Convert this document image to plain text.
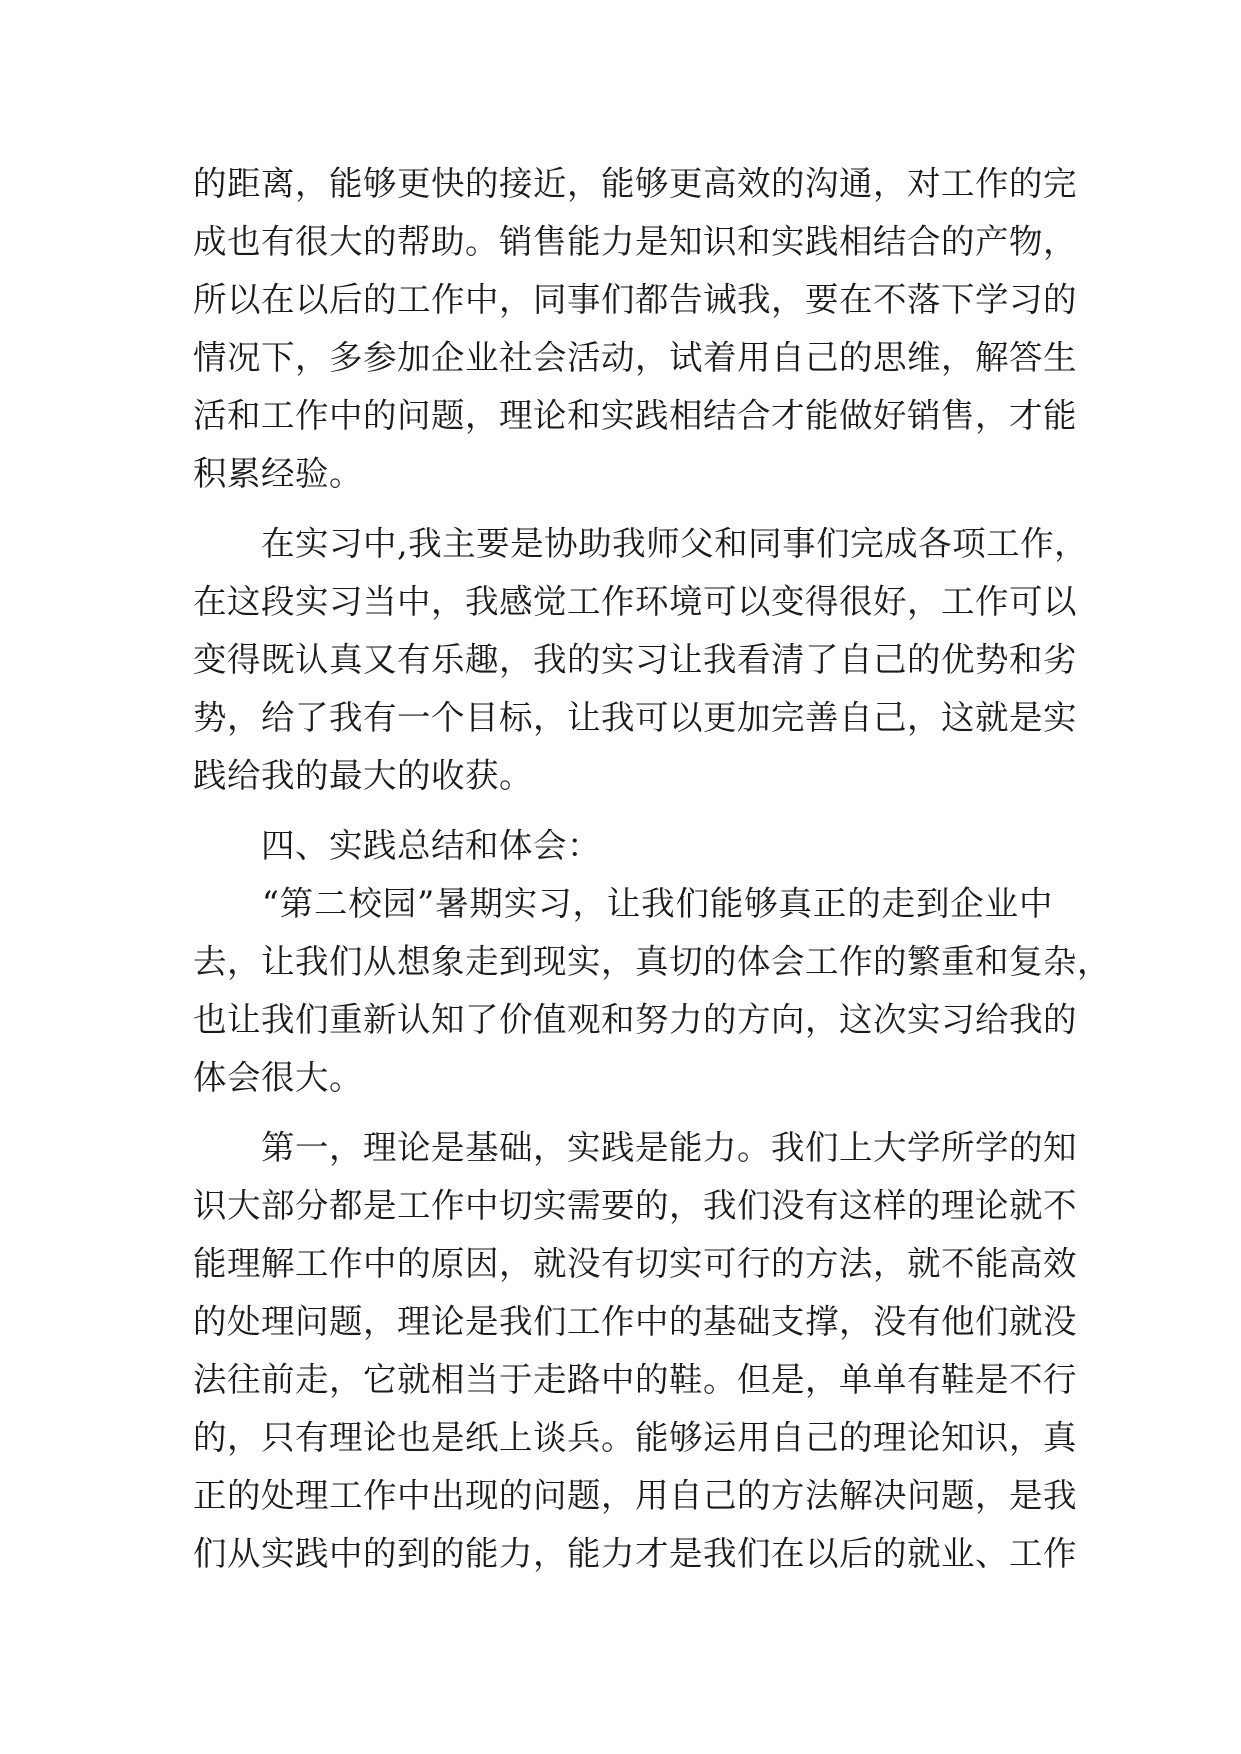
的距离，能够更快的接近，能够更高效的沟通，对工作的完
成也有很大的帮助。销售能力是知识和实践相结合的产物，
所以在以后的工作中，同事们都告诫我，要在不落下学习的
情况下，多参加企业社会活动，试着用自己的思维，解答生
活和工作中的问题，理论和实践相结合才能做好销售，才能
积累经验。
　　在实习中,我主要是协助我师父和同事们完成各项工作，
在这段实习当中，我感觉工作环境可以变得很好，工作可以
变得既认真又有乐趣，我的实习让我看清了自己的优势和劣
势，给了我有一个目标，让我可以更加完善自己，这就是实
践给我的最大的收获。
　　四、实践总结和体会：
　　“第二校园”暑期实习，让我们能够真正的走到企业中
去，让我们从想象走到现实，真切的体会工作的繁重和复杂，
也让我们重新认知了价值观和努力的方向，这次实习给我的
体会很大。
　　第一，理论是基础，实践是能力。我们上大学所学的知
识大部分都是工作中切实需要的，我们没有这样的理论就不
能理解工作中的原因，就没有切实可行的方法，就不能高效
的处理问题，理论是我们工作中的基础支撑，没有他们就没
法往前走，它就相当于走路中的鞋。但是，单单有鞋是不行
的，只有理论也是纸上谈兵。能够运用自己的理论知识，真
正的处理工作中出现的问题，用自己的方法解决问题，是我
们从实践中的到的能力，能力才是我们在以后的就业、工作
